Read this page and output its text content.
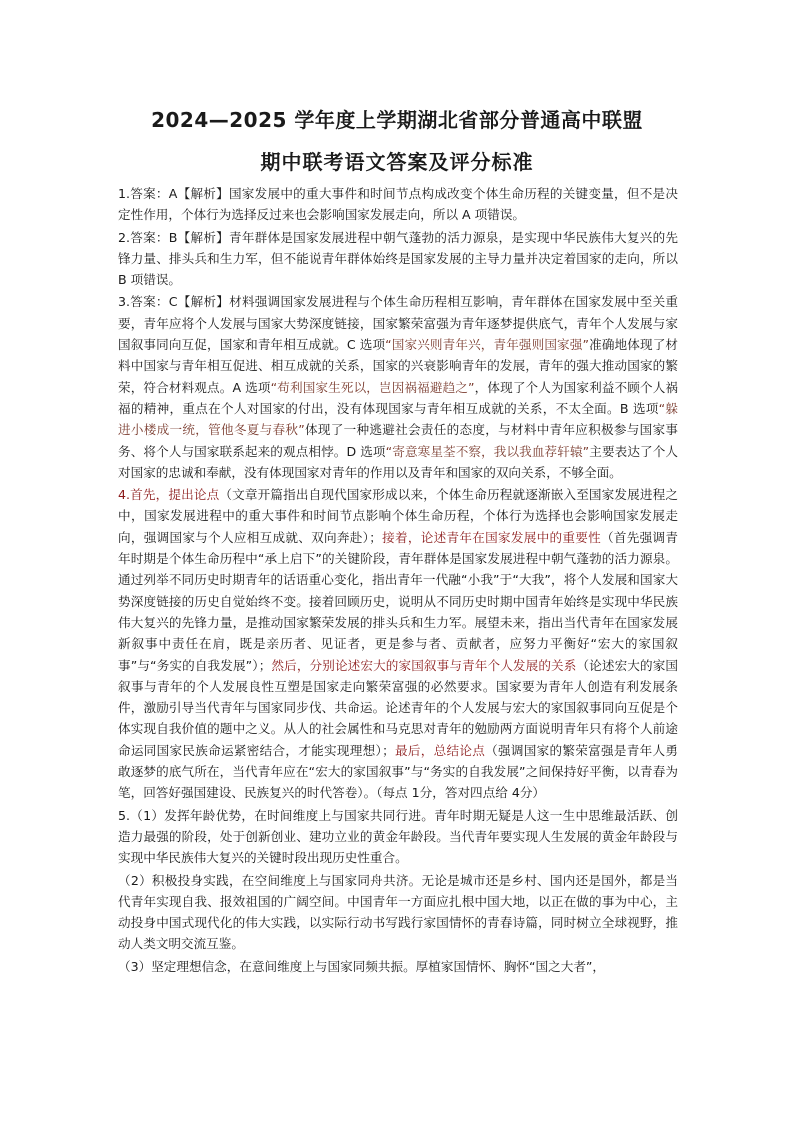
2024—2025 学年度上学期湖北省部分普通高中联盟
期中联考语文答案及评分标准

1.答案：A【解析】国家发展中的重大事件和时间节点构成改变个体生命历程的关键变量，但不是决定性作用，个体行为选择反过来也会影响国家发展走向，所以 A 项错误。

2.答案：B【解析】青年群体是国家发展进程中朝气蓬勃的活力源泉，是实现中华民族伟大复兴的先锋力量、排头兵和生力军，但不能说青年群体始终是国家发展的主导力量并决定着国家的走向，所以 B 项错误。

3.答案：C【解析】材料强调国家发展进程与个体生命历程相互影响，青年群体在国家发展中至关重要，青年应将个人发展与国家大势深度链接，国家繁荣富强为青年逐梦提供底气，青年个人发展与家国叙事同向互促，国家和青年相互成就。C 选项“国家兴则青年兴，青年强则国家强”准确地体现了材料中国家与青年相互促进、相互成就的关系，国家的兴衰影响青年的发展，青年的强大推动国家的繁荣，符合材料观点。A 选项“苟利国家生死以，岂因祸福避趋之”，体现了个人为国家利益不顾个人祸福的精神，重点在个人对国家的付出，没有体现国家与青年相互成就的关系，不太全面。B 选项“躲进小楼成一统，管他冬夏与春秋”体现了一种逃避社会责任的态度，与材料中青年应积极参与国家事务、将个人与国家联系起来的观点相悖。D 选项“寄意寒星荃不察，我以我血荐轩辕”主要表达了个人对国家的忠诚和奉献，没有体现国家对青年的作用以及青年和国家的双向关系，不够全面。

4.首先，提出论点（文章开篇指出自现代国家形成以来，个体生命历程就逐渐嵌入至国家发展进程之中，国家发展进程中的重大事件和时间节点影响个体生命历程，个体行为选择也会影响国家发展走向，强调国家与个人应相互成就、双向奔赴）；接着，论述青年在国家发展中的重要性（首先强调青年时期是个体生命历程中“承上启下”的关键阶段，青年群体是国家发展进程中朝气蓬勃的活力源泉。通过列举不同历史时期青年的话语重心变化，指出青年一代融“小我”于“大我”，将个人发展和国家大势深度链接的历史自觉始终不变。接着回顾历史，说明从不同历史时期中国青年始终是实现中华民族伟大复兴的先锋力量，是推动国家繁荣发展的排头兵和生力军。展望未来，指出当代青年在国家发展新叙事中责任在肩，既是亲历者、见证者，更是参与者、贡献者，应努力平衡好“宏大的家国叙事”与“务实的自我发展”）；然后，分别论述宏大的家国叙事与青年个人发展的关系（论述宏大的家国叙事与青年的个人发展良性互塑是国家走向繁荣富强的必然要求。国家要为青年人创造有利发展条件，激励引导当代青年与国家同步伐、共命运。论述青年的个人发展与宏大的家国叙事同向互促是个体实现自我价值的题中之义。从人的社会属性和马克思对青年的勉励两方面说明青年只有将个人前途命运同国家民族命运紧密结合，才能实现理想）；最后，总结论点（强调国家的繁荣富强是青年人勇敢逐梦的底气所在，当代青年应在“宏大的家国叙事”与“务实的自我发展”之间保持好平衡，以青春为笔，回答好强国建设、民族复兴的时代答卷）。（每点 1分，答对四点给 4分）

5.（1）发挥年龄优势，在时间维度上与国家共同行进。青年时期无疑是人这一生中思维最活跃、创造力最强的阶段，处于创新创业、建功立业的黄金年龄段。当代青年要实现人生发展的黄金年龄段与实现中华民族伟大复兴的关键时段出现历史性重合。

（2）积极投身实践，在空间维度上与国家同舟共济。无论是城市还是乡村、国内还是国外，都是当代青年实现自我、报效祖国的广阔空间。中国青年一方面应扎根中国大地，以正在做的事为中心，主动投身中国式现代化的伟大实践，以实际行动书写践行家国情怀的青春诗篇，同时树立全球视野，推动人类文明交流互鉴。

（3）坚定理想信念，在意间维度上与国家同频共振。厚植家国情怀、胸怀“国之大者”，
